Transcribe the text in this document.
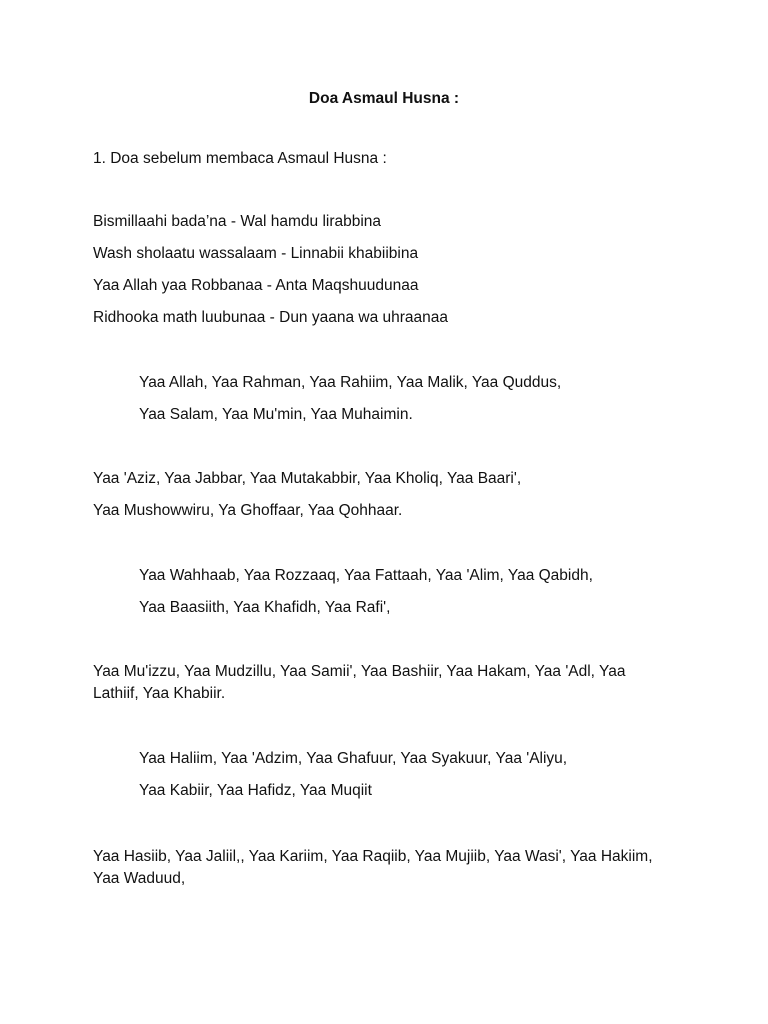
Doa Asmaul Husna :
1. Doa sebelum membaca Asmaul Husna :
Bismillaahi bada’na - Wal hamdu lirabbina
Wash sholaatu wassalaam - Linnabii khabiibina
Yaa Allah yaa Robbanaa - Anta Maqshuudunaa
Ridhooka math luubunaa - Dun yaana wa uhraanaa
Yaa Allah, Yaa Rahman, Yaa Rahiim, Yaa Malik, Yaa Quddus,
Yaa Salam, Yaa Mu'min, Yaa Muhaimin.
Yaa 'Aziz, Yaa Jabbar, Yaa Mutakabbir, Yaa Kholiq, Yaa Baari',
Yaa Mushowwiru, Ya Ghoffaar, Yaa Qohhaar.
Yaa Wahhaab, Yaa Rozzaaq, Yaa Fattaah, Yaa 'Alim, Yaa Qabidh,
Yaa Baasiith, Yaa Khafidh, Yaa Rafi',
Yaa Mu'izzu, Yaa Mudzillu, Yaa Samii', Yaa Bashiir, Yaa Hakam, Yaa 'Adl, Yaa Lathiif, Yaa Khabiir.
Yaa Haliim, Yaa 'Adzim, Yaa Ghafuur, Yaa Syakuur, Yaa 'Aliyu,
Yaa Kabiir, Yaa Hafidz, Yaa Muqiit
Yaa Hasiib, Yaa Jaliil,, Yaa Kariim, Yaa Raqiib, Yaa Mujiib, Yaa Wasi', Yaa Hakiim, Yaa Waduud,
